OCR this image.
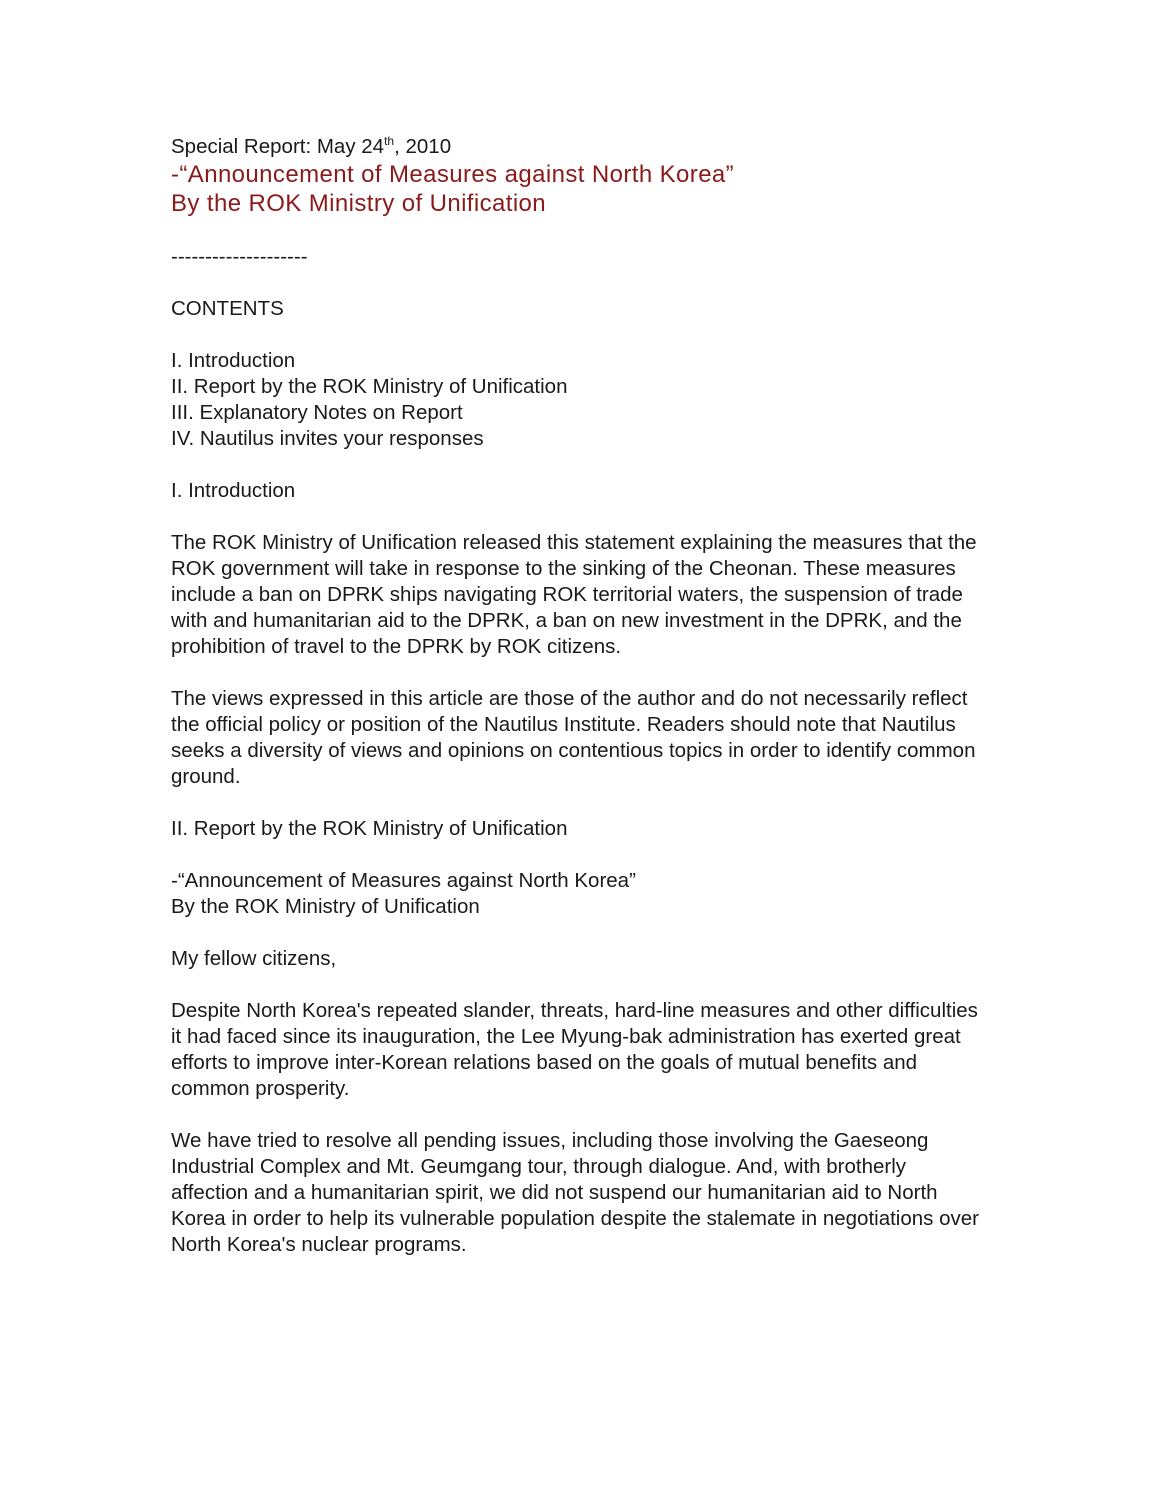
Special Report: May 24th, 2010

-“Announcement of Measures against North Korea”

By the ROK Ministry of Unification

--------------------

CONTENTS

I. Introduction

II. Report by the ROK Ministry of Unification

III. Explanatory Notes on Report

IV. Nautilus invites your responses

I. Introduction

The ROK Ministry of Unification released this statement explaining the measures that the

ROK government will take in response to the sinking of the Cheonan. These measures

include a ban on DPRK ships navigating ROK territorial waters, the suspension of trade

with and humanitarian aid to the DPRK, a ban on new investment in the DPRK, and the

prohibition of travel to the DPRK by ROK citizens.

The views expressed in this article are those of the author and do not necessarily reflect

the official policy or position of the Nautilus Institute. Readers should note that Nautilus

seeks a diversity of views and opinions on contentious topics in order to identify common

ground.

II. Report by the ROK Ministry of Unification

-“Announcement of Measures against North Korea”

By the ROK Ministry of Unification

My fellow citizens,

Despite North Korea's repeated slander, threats, hard-line measures and other difficulties

it had faced since its inauguration, the Lee Myung-bak administration has exerted great

efforts to improve inter-Korean relations based on the goals of mutual benefits and

common prosperity.

We have tried to resolve all pending issues, including those involving the Gaeseong

Industrial Complex and Mt. Geumgang tour, through dialogue. And, with brotherly

affection and a humanitarian spirit, we did not suspend our humanitarian aid to North

Korea in order to help its vulnerable population despite the stalemate in negotiations over

North Korea's nuclear programs.
